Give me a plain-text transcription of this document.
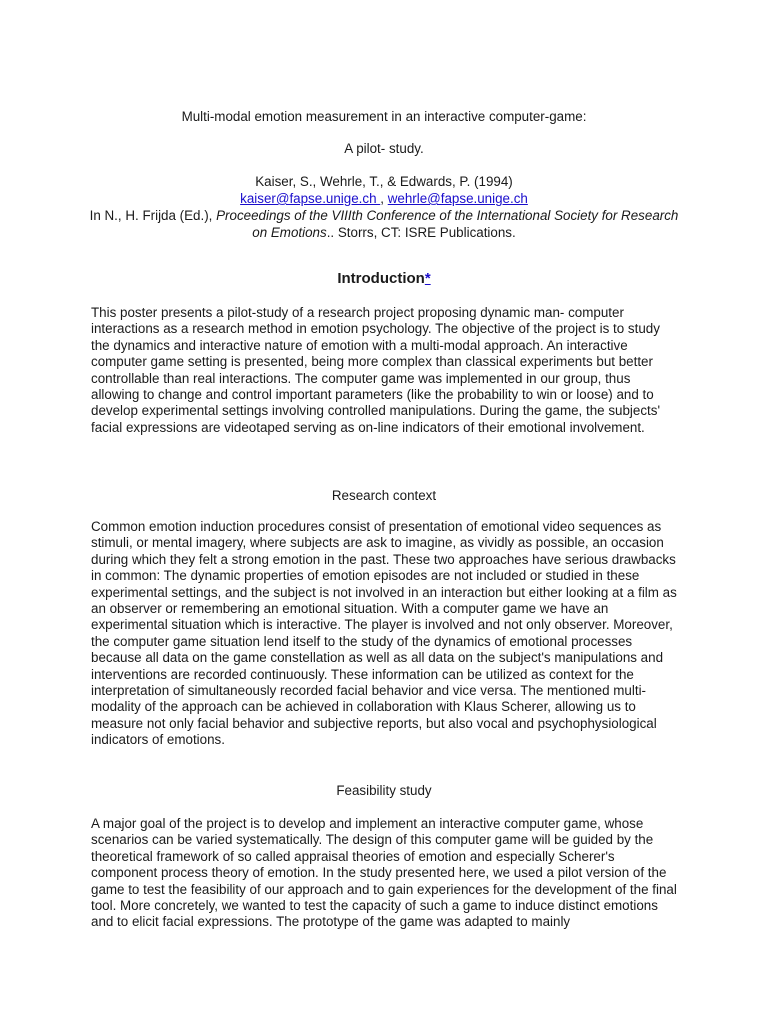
Multi-modal emotion measurement in an interactive computer-game:
A pilot- study.
Kaiser, S., Wehrle, T., & Edwards, P. (1994)
kaiser@fapse.unige.ch , wehrle@fapse.unige.ch
In N., H. Frijda (Ed.), Proceedings of the VIIIth Conference of the International Society for Research on Emotions.. Storrs, CT: ISRE Publications.
Introduction*

This poster presents a pilot-study of a research project proposing dynamic man- computer interactions as a research method in emotion psychology. The objective of the project is to study the dynamics and interactive nature of emotion with a multi-modal approach. An interactive computer game setting is presented, being more complex than classical experiments but better controllable than real interactions. The computer game was implemented in our group, thus allowing to change and control important parameters (like the probability to win or loose) and to develop experimental settings involving controlled manipulations. During the game, the subjects' facial expressions are videotaped serving as on-line indicators of their emotional involvement.

Research context

Common emotion induction procedures consist of presentation of emotional video sequences as stimuli, or mental imagery, where subjects are ask to imagine, as vividly as possible, an occasion during which they felt a strong emotion in the past. These two approaches have serious drawbacks in common: The dynamic properties of emotion episodes are not included or studied in these experimental settings, and the subject is not involved in an interaction but either looking at a film as an observer or remembering an emotional situation. With a computer game we have an experimental situation which is interactive. The player is involved and not only observer. Moreover, the computer game situation lend itself to the study of the dynamics of emotional processes because all data on the game constellation as well as all data on the subject's manipulations and interventions are recorded continuously. These information can be utilized as context for the interpretation of simultaneously recorded facial behavior and vice versa. The mentioned multi- modality of the approach can be achieved in collaboration with Klaus Scherer, allowing us to measure not only facial behavior and subjective reports, but also vocal and psychophysiological indicators of emotions.

Feasibility study

A major goal of the project is to develop and implement an interactive computer game, whose scenarios can be varied systematically. The design of this computer game will be guided by the theoretical framework of so called appraisal theories of emotion and especially Scherer's component process theory of emotion. In the study presented here, we used a pilot version of the game to test the feasibility of our approach and to gain experiences for the development of the final tool. More concretely, we wanted to test the capacity of such a game to induce distinct emotions and to elicit facial expressions. The prototype of the game was adapted to mainly
